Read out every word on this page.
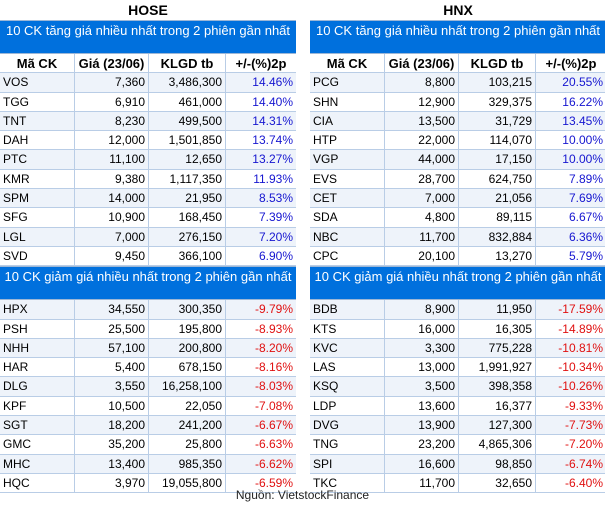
HOSE
10 CK tăng giá nhiều nhất trong 2 phiên gần nhất
Mã CK	Giá (23/06)	KLGD tb	+/-(%)2p
VOS	7,360	3,486,300	14.46%
TGG	6,910	461,000	14.40%
TNT	8,230	499,500	14.31%
DAH	12,000	1,501,850	13.74%
PTC	11,100	12,650	13.27%
KMR	9,380	1,117,350	11.93%
SPM	14,000	21,950	8.53%
SFG	10,900	168,450	7.39%
LGL	7,000	276,150	7.20%
SVD	9,450	366,100	6.90%
10 CK giảm giá nhiều nhất trong 2 phiên gần nhất
HPX	34,550	300,350	-9.79%
PSH	25,500	195,800	-8.93%
NHH	57,100	200,800	-8.20%
HAR	5,400	678,150	-8.16%
DLG	3,550	16,258,100	-8.03%
KPF	10,500	22,050	-7.08%
SGT	18,200	241,200	-6.67%
GMC	35,200	25,800	-6.63%
MHC	13,400	985,350	-6.62%
HQC	3,970	19,055,800	-6.59%
HNX
10 CK tăng giá nhiều nhất trong 2 phiên gần nhất
Mã CK	Giá (23/06)	KLGD tb	+/-(%)2p
PCG	8,800	103,215	20.55%
SHN	12,900	329,375	16.22%
CIA	13,500	31,729	13.45%
HTP	22,000	114,070	10.00%
VGP	44,000	17,150	10.00%
EVS	28,700	624,750	7.89%
CET	7,000	21,056	7.69%
SDA	4,800	89,115	6.67%
NBC	11,700	832,884	6.36%
CPC	20,100	13,270	5.79%
10 CK giảm giá nhiều nhất trong 2 phiên gần nhất
BDB	8,900	11,950	-17.59%
KTS	16,000	16,305	-14.89%
KVC	3,300	775,228	-10.81%
LAS	13,000	1,991,927	-10.34%
KSQ	3,500	398,358	-10.26%
LDP	13,600	16,377	-9.33%
DVG	13,900	127,300	-7.73%
TNG	23,200	4,865,306	-7.20%
SPI	16,600	98,850	-6.74%
TKC	11,700	32,650	-6.40%
Nguồn: VietstockFinance
